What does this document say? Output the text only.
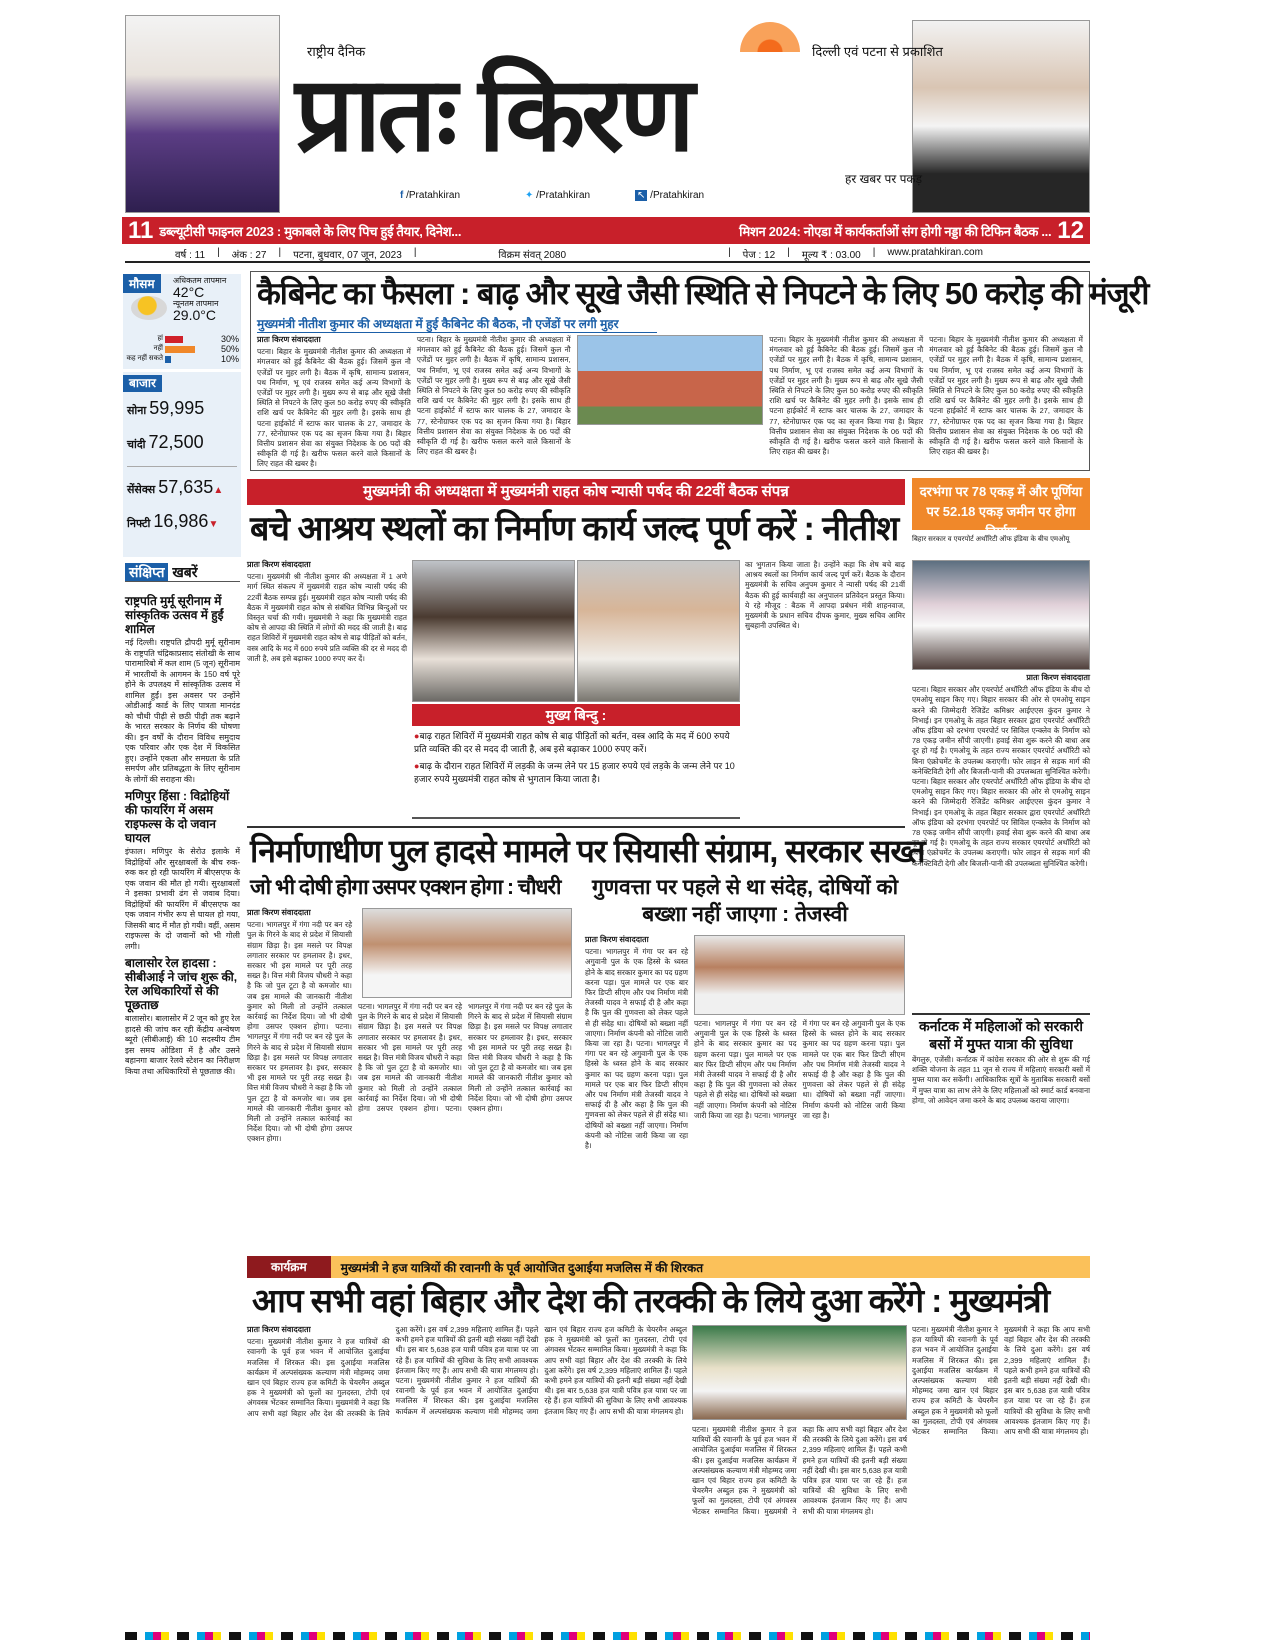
राष्ट्रीय दैनिक	दिल्ली एवं पटना से प्रकाशित
प्रातः किरण
हर खबर पर पकड़
f /Pratahkiran	✦ /Pratahkiran	↖ /Pratahkiran
11 डब्ल्यूटीसी फाइनल 2023 : मुकाबले के लिए पिच हुई तैयार, दिनेश...	मिशन 2024: नोएडा में कार्यकर्ताओं संग होगी नड्डा की टिफिन बैठक ... 12
वर्ष : 11 | अंक : 27 | पटना, बुधवार, 07 जून, 2023 |	विक्रम संवत् 2080	| पेज : 12 | मूल्य ₹ : 03.00 | www.pratahkiran.com
मौसम अधिकतम तापमान
42°C
न्यूनतम तापमान
29.0°C
हां	30%
नहीं	50%
कह नहीं सकते	10%
बाजार
सोना 59,995
चांदी 72,500
सेंसेक्स 57,635▲
निफ्टी 16,986▼
संक्षिप्त खबरें
राष्ट्रपति मुर्मू सूरीनाम में सांस्कृतिक उत्सव में हुईं शामिल
नई दिल्ली। राष्ट्रपति द्रौपदी मुर्मू सूरीनाम के राष्ट्रपति चंद्रिकाप्रसाद संतोखी के साथ पारामारिबो में कल शाम (5 जून) सूरीनाम में भारतीयों के आगमन के 150 वर्ष पूरे होने के उपलक्ष्य में सांस्कृतिक उत्सव में शामिल हुईं। इस अवसर पर उन्होंने ओडीआई कार्ड के लिए पात्रता मानदंड को चौथी पीढ़ी से छठी पीढ़ी तक बढ़ाने के भारत सरकार के निर्णय की घोषणा की। इन वर्षों के दौरान विविध समुदाय एक परिवार और एक देश में विकसित हुए। उन्होंने एकता और समग्रता के प्रति समर्पण और प्रतिबद्धता के लिए सूरीनाम के लोगों की सराहना की।
मणिपुर हिंसा : विद्रोहियों की फायरिंग में असम राइफल्स के दो जवान घायल
इंफाल। मणिपुर के सेरोउ इलाके में विद्रोहियों और सुरक्षाबलों के बीच रुक-रुक कर हो रही फायरिंग में बीएसएफ के एक जवान की मौत हो गयी। सुरक्षाबलों ने इसका प्रभावी ढंग से जवाब दिया। विद्रोहियों की फायरिंग में बीएसएफ का एक जवान गंभीर रूप से घायल हो गया, जिसकी बाद में मौत हो गयी। वहीं, असम राइफल्स के दो जवानों को भी गोली लगी।
बालासोर रेल हादसा : सीबीआई ने जांच शुरू की, रेल अधिकारियों से की पूछताछ
बालासोर। बालासोर में 2 जून को हुए रेल हादसे की जांच कर रही केंद्रीय अन्वेषण ब्यूरो (सीबीआई) की 10 सदस्यीय टीम इस समय ओडिशा में है और उसने बहानगा बाजार रेलवे स्टेशन का निरीक्षण किया तथा अधिकारियों से पूछताछ की।
कैबिनेट का फैसला : बाढ़ और सूखे जैसी स्थिति से निपटने के लिए 50 करोड़ की मंजूरी
मुख्यमंत्री नीतीश कुमार की अध्यक्षता में हुई कैबिनेट की बैठक, नौ एजेंडों पर लगी मुहर
प्रातः किरण संवाददाता
पटना। बिहार के मुख्यमंत्री नीतीश कुमार की अध्यक्षता में मंगलवार को हुई कैबिनेट की बैठक हुई। जिसमें कुल नौ एजेंडों पर मुहर लगी है। बैठक में कृषि, सामान्य प्रशासन, पथ निर्माण, भू एवं राजस्व समेत कई अन्य विभागों के एजेंडों पर मुहर लगी है। मुख्य रूप से बाढ़ और सूखे जैसी स्थिति से निपटने के लिए कुल 50 करोड़ रुपए की स्वीकृति राशि खर्च पर कैबिनेट की मुहर लगी है। इसके साथ ही पटना हाईकोर्ट में स्टाफ कार चालक के 27, जमादार के 77, स्टेनोग्राफर एक पद का सृजन किया गया है। बिहार वित्तीय प्रशासन सेवा का संयुक्त निदेशक के 06 पदों की स्वीकृति दी गई है। खरीफ फसल करने वाले किसानों के लिए राहत की खबर है।
पटना। बिहार के मुख्यमंत्री नीतीश कुमार की अध्यक्षता में मंगलवार को हुई कैबिनेट की बैठक हुई। जिसमें कुल नौ एजेंडों पर मुहर लगी है। बैठक में कृषि, सामान्य प्रशासन, पथ निर्माण, भू एवं राजस्व समेत कई अन्य विभागों के एजेंडों पर मुहर लगी है। मुख्य रूप से बाढ़ और सूखे जैसी स्थिति से निपटने के लिए कुल 50 करोड़ रुपए की स्वीकृति राशि खर्च पर कैबिनेट की मुहर लगी है। इसके साथ ही पटना हाईकोर्ट में स्टाफ कार चालक के 27, जमादार के 77, स्टेनोग्राफर एक पद का सृजन किया गया है। बिहार वित्तीय प्रशासन सेवा का संयुक्त निदेशक के 06 पदों की स्वीकृति दी गई है। खरीफ फसल करने वाले किसानों के लिए राहत की खबर है।
पटना। बिहार के मुख्यमंत्री नीतीश कुमार की अध्यक्षता में मंगलवार को हुई कैबिनेट की बैठक हुई। जिसमें कुल नौ एजेंडों पर मुहर लगी है। बैठक में कृषि, सामान्य प्रशासन, पथ निर्माण, भू एवं राजस्व समेत कई अन्य विभागों के एजेंडों पर मुहर लगी है। मुख्य रूप से बाढ़ और सूखे जैसी स्थिति से निपटने के लिए कुल 50 करोड़ रुपए की स्वीकृति राशि खर्च पर कैबिनेट की मुहर लगी है। इसके साथ ही पटना हाईकोर्ट में स्टाफ कार चालक के 27, जमादार के 77, स्टेनोग्राफर एक पद का सृजन किया गया है। बिहार वित्तीय प्रशासन सेवा का संयुक्त निदेशक के 06 पदों की स्वीकृति दी गई है। खरीफ फसल करने वाले किसानों के लिए राहत की खबर है।
पटना। बिहार के मुख्यमंत्री नीतीश कुमार की अध्यक्षता में मंगलवार को हुई कैबिनेट की बैठक हुई। जिसमें कुल नौ एजेंडों पर मुहर लगी है। बैठक में कृषि, सामान्य प्रशासन, पथ निर्माण, भू एवं राजस्व समेत कई अन्य विभागों के एजेंडों पर मुहर लगी है। मुख्य रूप से बाढ़ और सूखे जैसी स्थिति से निपटने के लिए कुल 50 करोड़ रुपए की स्वीकृति राशि खर्च पर कैबिनेट की मुहर लगी है। इसके साथ ही पटना हाईकोर्ट में स्टाफ कार चालक के 27, जमादार के 77, स्टेनोग्राफर एक पद का सृजन किया गया है। बिहार वित्तीय प्रशासन सेवा का संयुक्त निदेशक के 06 पदों की स्वीकृति दी गई है। खरीफ फसल करने वाले किसानों के लिए राहत की खबर है।
मुख्यमंत्री की अध्यक्षता में मुख्यमंत्री राहत कोष न्यासी पर्षद की 22वीं बैठक संपन्न
बचे आश्रय स्थलों का निर्माण कार्य जल्द पूर्ण करें : नीतीश
प्रातः किरण संवाददाता
पटना। मुख्यमंत्री श्री नीतीश कुमार की अध्यक्षता में 1 अणे मार्ग स्थित संकल्प में मुख्यमंत्री राहत कोष न्यासी पर्षद की 22वीं बैठक सम्पन्न हुई। मुख्यमंत्री राहत कोष न्यासी पर्षद की बैठक में मुख्यमंत्री राहत कोष से संबंधित विभिन्न बिन्दुओं पर विस्तृत चर्चा की गयी। मुख्यमंत्री ने कहा कि मुख्यमंत्री राहत कोष से आपदा की स्थिति में लोगों की मदद की जाती है। बाढ़ राहत शिविरों में मुख्यमंत्री राहत कोष से बाढ़ पीड़ितों को बर्तन, वस्त्र आदि के मद में 600 रुपये प्रति व्यक्ति की दर से मदद दी जाती है, अब इसे बढ़ाकर 1000 रुपए कर दें।
मुख्य बिन्दु :
●बाढ़ राहत शिविरों में मुख्यमंत्री राहत कोष से बाढ़ पीड़ितों को बर्तन, वस्त्र आदि के मद में 600 रुपये प्रति व्यक्ति की दर से मदद दी जाती है, अब इसे बढ़ाकर 1000 रुपए करें।
●बाढ़ के दौरान राहत शिविरों में लड़की के जन्म लेने पर 15 हजार रुपये एवं लड़के के जन्म लेने पर 10 हजार रुपये मुख्यमंत्री राहत कोष से भुगतान किया जाता है।
का भुगतान किया जाता है। उन्होंने कहा कि शेष बचे बाढ़ आश्रय स्थलों का निर्माण कार्य जल्द पूर्ण करें। बैठक के दौरान मुख्यमंत्री के सचिव अनुपम कुमार ने न्यासी पर्षद की 21वीं बैठक की हुई कार्यवाही का अनुपालन प्रतिवेदन प्रस्तुत किया। ये रहे मौजूद : बैठक में आपदा प्रबंधन मंत्री शाहनवाज, मुख्यमंत्री के प्रधान सचिव दीपक कुमार, मुख्य सचिव आमिर सुबहानी उपस्थित थे।
दरभंगा पर 78 एकड़ में और पूर्णिया पर 52.18 एकड़ जमीन पर होगा निर्माण
बिहार सरकार व एयरपोर्ट अथॉरिटी ऑफ इंडिया के बीच एमओयू
प्रातः किरण संवाददाता
पटना। बिहार सरकार और एयरपोर्ट अथॉरिटी ऑफ इंडिया के बीच दो एमओयू साइन किए गए। बिहार सरकार की ओर से एमओयू साइन करने की जिम्मेदारी रेजिडेंट कमिश्नर आईएएस कुंदन कुमार ने निभाई। इन एमओयू के तहत बिहार सरकार द्वारा एयरपोर्ट अथॉरिटी ऑफ इंडिया को दरभंगा एयरपोर्ट पर सिविल एन्क्लेव के निर्माण को 78 एकड़ जमीन सौंपी जाएगी। हवाई सेवा शुरू करने की बाधा अब दूर हो गई है। एमओयू के तहत राज्य सरकार एयरपोर्ट अथॉरिटी को बिना एंक्रोचमेंट के उपलब्ध कराएगी। फोर लाइन से सड़क मार्ग की कनेक्टिविटी देगी और बिजली-पानी की उपलब्धता सुनिश्चित करेगी। पटना। बिहार सरकार और एयरपोर्ट अथॉरिटी ऑफ इंडिया के बीच दो एमओयू साइन किए गए। बिहार सरकार की ओर से एमओयू साइन करने की जिम्मेदारी रेजिडेंट कमिश्नर आईएएस कुंदन कुमार ने निभाई। इन एमओयू के तहत बिहार सरकार द्वारा एयरपोर्ट अथॉरिटी ऑफ इंडिया को दरभंगा एयरपोर्ट पर सिविल एन्क्लेव के निर्माण को 78 एकड़ जमीन सौंपी जाएगी। हवाई सेवा शुरू करने की बाधा अब दूर हो गई है। एमओयू के तहत राज्य सरकार एयरपोर्ट अथॉरिटी को बिना एंक्रोचमेंट के उपलब्ध कराएगी। फोर लाइन से सड़क मार्ग की कनेक्टिविटी देगी और बिजली-पानी की उपलब्धता सुनिश्चित करेगी।
कर्नाटक में महिलाओं को सरकारी बसों में मुफ्त यात्रा की सुविधा
बेंगलुरु, एजेंसी। कर्नाटक में कांग्रेस सरकार की ओर से शुरू की गई शक्ति योजना के तहत 11 जून से राज्य में महिलाएं सरकारी बसों में मुफ्त यात्रा कर सकेंगी। आधिकारिक सूत्रों के मुताबिक सरकारी बसों में मुफ्त यात्रा का लाभ लेने के लिए महिलाओं को स्मार्ट कार्ड बनवाना होगा, जो आवेदन जमा करने के बाद उपलब्ध कराया जाएगा।
निर्माणाधीण पुल हादसे मामले पर सियासी संग्राम, सरकार सख्त
जो भी दोषी होगा उसपर एक्शन होगा : चौधरी	गुणवत्ता पर पहले से था संदेह, दोषियों को बख्शा नहीं जाएगा : तेजस्वी
प्रातः किरण संवाददाता
पटना। भागलपुर में गंगा नदी पर बन रहे पुल के गिरने के बाद से प्रदेश में सियासी संग्राम छिड़ा है। इस मसले पर विपक्ष लगातार सरकार पर हमलावर है। इधर, सरकार भी इस मामले पर पूरी तरह सख्त है। वित्त मंत्री विजय चौधरी ने कहा है कि जो पुल टूटा है वो कमजोर था। जब इस मामले की जानकारी नीतीश कुमार को मिली तो उन्होंने तत्काल कार्रवाई का निर्देश दिया। जो भी दोषी होगा उसपर एक्शन होगा। पटना। भागलपुर में गंगा नदी पर बन रहे पुल के गिरने के बाद से प्रदेश में सियासी संग्राम छिड़ा है। इस मसले पर विपक्ष लगातार सरकार पर हमलावर है। इधर, सरकार भी इस मामले पर पूरी तरह सख्त है। वित्त मंत्री विजय चौधरी ने कहा है कि जो पुल टूटा है वो कमजोर था। जब इस मामले की जानकारी नीतीश कुमार को मिली तो उन्होंने तत्काल कार्रवाई का निर्देश दिया। जो भी दोषी होगा उसपर एक्शन होगा।
पटना। भागलपुर में गंगा नदी पर बन रहे पुल के गिरने के बाद से प्रदेश में सियासी संग्राम छिड़ा है। इस मसले पर विपक्ष लगातार सरकार पर हमलावर है। इधर, सरकार भी इस मामले पर पूरी तरह सख्त है। वित्त मंत्री विजय चौधरी ने कहा है कि जो पुल टूटा है वो कमजोर था। जब इस मामले की जानकारी नीतीश कुमार को मिली तो उन्होंने तत्काल कार्रवाई का निर्देश दिया। जो भी दोषी होगा उसपर एक्शन होगा। पटना। भागलपुर में गंगा नदी पर बन रहे पुल के गिरने के बाद से प्रदेश में सियासी संग्राम छिड़ा है। इस मसले पर विपक्ष लगातार सरकार पर हमलावर है। इधर, सरकार भी इस मामले पर पूरी तरह सख्त है। वित्त मंत्री विजय चौधरी ने कहा है कि जो पुल टूटा है वो कमजोर था। जब इस मामले की जानकारी नीतीश कुमार को मिली तो उन्होंने तत्काल कार्रवाई का निर्देश दिया। जो भी दोषी होगा उसपर एक्शन होगा।
प्रातः किरण संवाददाता
पटना। भागलपुर में गंगा पर बन रहे अगुवानी पुल के एक हिस्से के ध्वस्त होने के बाद सरकार कुमार का पद ग्रहण करना पड़ा। पुल मामले पर एक बार फिर डिप्टी सीएम और पथ निर्माण मंत्री तेजस्वी यादव ने सफाई दी है और कहा है कि पुल की गुणवत्ता को लेकर पहले से ही संदेह था। दोषियों को बख्शा नहीं जाएगा। निर्माण कंपनी को नोटिस जारी किया जा रहा है। पटना। भागलपुर में गंगा पर बन रहे अगुवानी पुल के एक हिस्से के ध्वस्त होने के बाद सरकार कुमार का पद ग्रहण करना पड़ा। पुल मामले पर एक बार फिर डिप्टी सीएम और पथ निर्माण मंत्री तेजस्वी यादव ने सफाई दी है और कहा है कि पुल की गुणवत्ता को लेकर पहले से ही संदेह था। दोषियों को बख्शा नहीं जाएगा। निर्माण कंपनी को नोटिस जारी किया जा रहा है।
पटना। भागलपुर में गंगा पर बन रहे अगुवानी पुल के एक हिस्से के ध्वस्त होने के बाद सरकार कुमार का पद ग्रहण करना पड़ा। पुल मामले पर एक बार फिर डिप्टी सीएम और पथ निर्माण मंत्री तेजस्वी यादव ने सफाई दी है और कहा है कि पुल की गुणवत्ता को लेकर पहले से ही संदेह था। दोषियों को बख्शा नहीं जाएगा। निर्माण कंपनी को नोटिस जारी किया जा रहा है। पटना। भागलपुर में गंगा पर बन रहे अगुवानी पुल के एक हिस्से के ध्वस्त होने के बाद सरकार कुमार का पद ग्रहण करना पड़ा। पुल मामले पर एक बार फिर डिप्टी सीएम और पथ निर्माण मंत्री तेजस्वी यादव ने सफाई दी है और कहा है कि पुल की गुणवत्ता को लेकर पहले से ही संदेह था। दोषियों को बख्शा नहीं जाएगा। निर्माण कंपनी को नोटिस जारी किया जा रहा है।
कार्यक्रम	मुख्यमंत्री ने हज यात्रियों की रवानगी के पूर्व आयोजित दुआईया मजलिस में की शिरकत
आप सभी वहां बिहार और देश की तरक्की के लिये दुआ करेंगे : मुख्यमंत्री
प्रातः किरण संवाददाता
पटना। मुख्यमंत्री नीतीश कुमार ने हज यात्रियों की रवानगी के पूर्व हज भवन में आयोजित दुआईया मजलिस में शिरकत की। इस दुआईया मजलिस कार्यक्रम में अल्पसंख्यक कल्याण मंत्री मोहम्मद जमा खान एवं बिहार राज्य हज कमिटी के चेयरमैन अब्दुल हक ने मुख्यमंत्री को फूलों का गुलदस्ता, टोपी एवं अंगवस्त्र भेंटकर सम्मानित किया। मुख्यमंत्री ने कहा कि आप सभी वहां बिहार और देश की तरक्की के लिये दुआ करेंगे। इस वर्ष 2,399 महिलाएं शामिल हैं। पहले कभी हमने हज यात्रियों की इतनी बड़ी संख्या नहीं देखी थी। इस बार 5,638 हज यात्री पवित्र हज यात्रा पर जा रहे हैं। हज यात्रियों की सुविधा के लिए सभी आवश्यक इंतजाम किए गए हैं। आप सभी की यात्रा मंगलमय हो। पटना। मुख्यमंत्री नीतीश कुमार ने हज यात्रियों की रवानगी के पूर्व हज भवन में आयोजित दुआईया मजलिस में शिरकत की। इस दुआईया मजलिस कार्यक्रम में अल्पसंख्यक कल्याण मंत्री मोहम्मद जमा खान एवं बिहार राज्य हज कमिटी के चेयरमैन अब्दुल हक ने मुख्यमंत्री को फूलों का गुलदस्ता, टोपी एवं अंगवस्त्र भेंटकर सम्मानित किया। मुख्यमंत्री ने कहा कि आप सभी वहां बिहार और देश की तरक्की के लिये दुआ करेंगे। इस वर्ष 2,399 महिलाएं शामिल हैं। पहले कभी हमने हज यात्रियों की इतनी बड़ी संख्या नहीं देखी थी। इस बार 5,638 हज यात्री पवित्र हज यात्रा पर जा रहे हैं। हज यात्रियों की सुविधा के लिए सभी आवश्यक इंतजाम किए गए हैं। आप सभी की यात्रा मंगलमय हो।
पटना। मुख्यमंत्री नीतीश कुमार ने हज यात्रियों की रवानगी के पूर्व हज भवन में आयोजित दुआईया मजलिस में शिरकत की। इस दुआईया मजलिस कार्यक्रम में अल्पसंख्यक कल्याण मंत्री मोहम्मद जमा खान एवं बिहार राज्य हज कमिटी के चेयरमैन अब्दुल हक ने मुख्यमंत्री को फूलों का गुलदस्ता, टोपी एवं अंगवस्त्र भेंटकर सम्मानित किया। मुख्यमंत्री ने कहा कि आप सभी वहां बिहार और देश की तरक्की के लिये दुआ करेंगे। इस वर्ष 2,399 महिलाएं शामिल हैं। पहले कभी हमने हज यात्रियों की इतनी बड़ी संख्या नहीं देखी थी। इस बार 5,638 हज यात्री पवित्र हज यात्रा पर जा रहे हैं। हज यात्रियों की सुविधा के लिए सभी आवश्यक इंतजाम किए गए हैं। आप सभी की यात्रा मंगलमय हो।
पटना। मुख्यमंत्री नीतीश कुमार ने हज यात्रियों की रवानगी के पूर्व हज भवन में आयोजित दुआईया मजलिस में शिरकत की। इस दुआईया मजलिस कार्यक्रम में अल्पसंख्यक कल्याण मंत्री मोहम्मद जमा खान एवं बिहार राज्य हज कमिटी के चेयरमैन अब्दुल हक ने मुख्यमंत्री को फूलों का गुलदस्ता, टोपी एवं अंगवस्त्र भेंटकर सम्मानित किया। मुख्यमंत्री ने कहा कि आप सभी वहां बिहार और देश की तरक्की के लिये दुआ करेंगे। इस वर्ष 2,399 महिलाएं शामिल हैं। पहले कभी हमने हज यात्रियों की इतनी बड़ी संख्या नहीं देखी थी। इस बार 5,638 हज यात्री पवित्र हज यात्रा पर जा रहे हैं। हज यात्रियों की सुविधा के लिए सभी आवश्यक इंतजाम किए गए हैं। आप सभी की यात्रा मंगलमय हो।
